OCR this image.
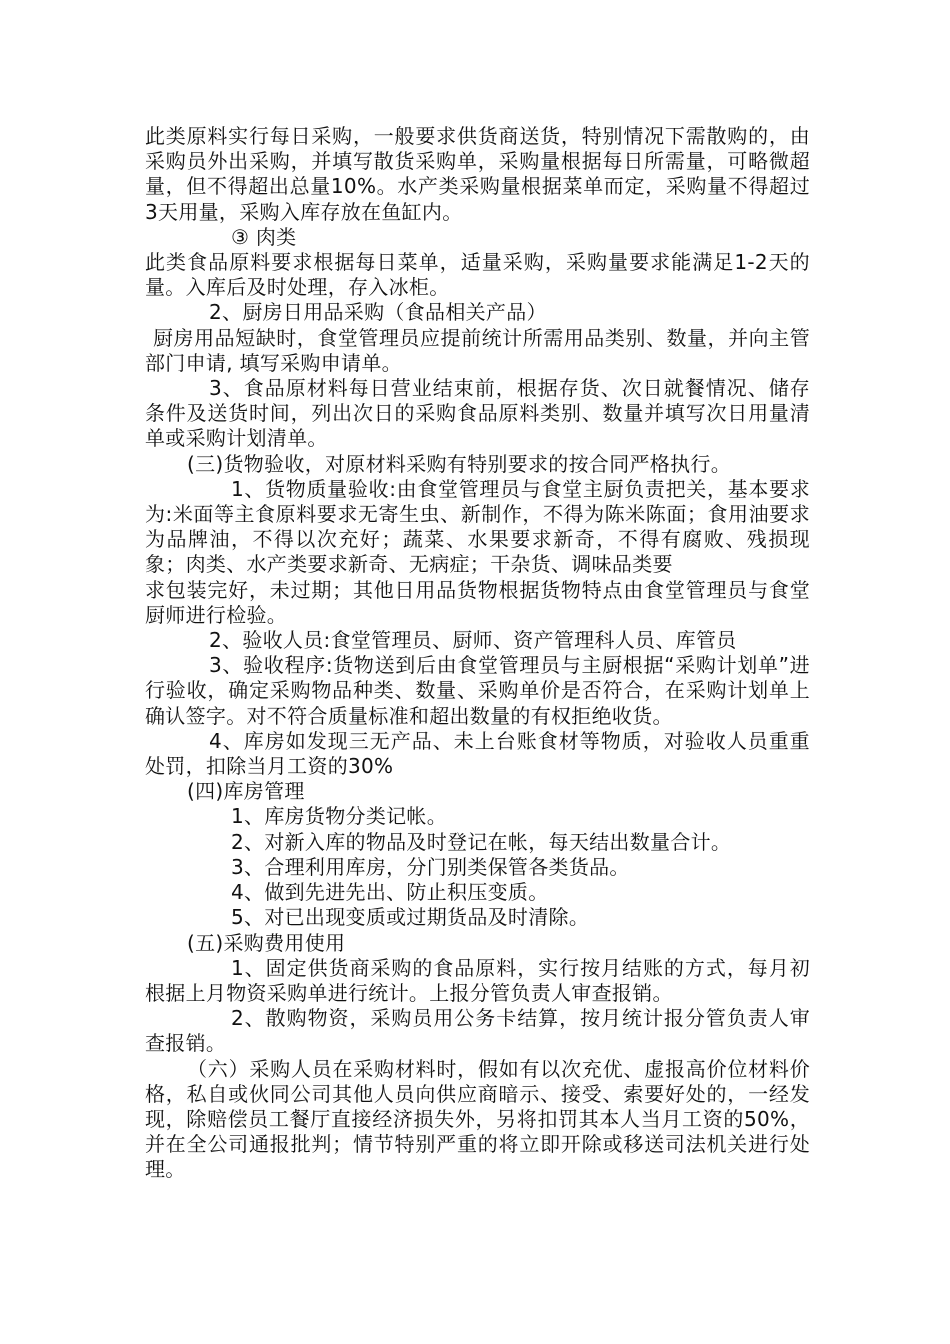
此类原料实行每日采购，一般要求供货商送货，特别情况下需散购的，由采购员外出采购，并填写散货采购单，采购量根据每日所需量，可略微超量，但不得超出总量10%。水产类采购量根据菜单而定，采购量不得超过3天用量，采购入库存放在鱼缸内。

③ 肉类

此类食品原料要求根据每日菜单，适量采购，采购量要求能满足1-2天的量。入库后及时处理，存入冰柜。

2、厨房日用品采购（食品相关产品）

厨房用品短缺时，食堂管理员应提前统计所需用品类别、数量，并向主管部门申请, 填写采购申请单。

3、食品原材料每日营业结束前，根据存货、次日就餐情况、储存条件及送货时间，列出次日的采购食品原料类别、数量并填写次日用量清单或采购计划清单。

(三)货物验收，对原材料采购有特别要求的按合同严格执行。

1、货物质量验收:由食堂管理员与食堂主厨负责把关，基本要求为:米面等主食原料要求无寄生虫、新制作，不得为陈米陈面；食用油要求为品牌油，不得以次充好；蔬菜、水果要求新奇，不得有腐败、残损现象；肉类、水产类要求新奇、无病症；干杂货、调味品类要

求包装完好，未过期；其他日用品货物根据货物特点由食堂管理员与食堂厨师进行检验。

2、验收人员:食堂管理员、厨师、资产管理科人员、库管员

3、验收程序:货物送到后由食堂管理员与主厨根据“采购计划单”进行验收，确定采购物品种类、数量、采购单价是否符合，在采购计划单上确认签字。对不符合质量标准和超出数量的有权拒绝收货。

4、库房如发现三无产品、未上台账食材等物质，对验收人员重重处罚，扣除当月工资的30%

(四)库房管理

1、库房货物分类记帐。

2、对新入库的物品及时登记在帐，每天结出数量合计。

3、合理利用库房，分门别类保管各类货品。

4、做到先进先出、防止积压变质。

5、对已出现变质或过期货品及时清除。

(五)采购费用使用

1、固定供货商采购的食品原料，实行按月结账的方式，每月初根据上月物资采购单进行统计。上报分管负责人审查报销。

2、散购物资，采购员用公务卡结算，按月统计报分管负责人审查报销。

（六）采购人员在采购材料时，假如有以次充优、虚报高价位材料价格，私自或伙同公司其他人员向供应商暗示、接受、索要好处的，一经发现，除赔偿员工餐厅直接经济损失外，另将扣罚其本人当月工资的50%，并在全公司通报批判；情节特别严重的将立即开除或移送司法机关进行处理。
